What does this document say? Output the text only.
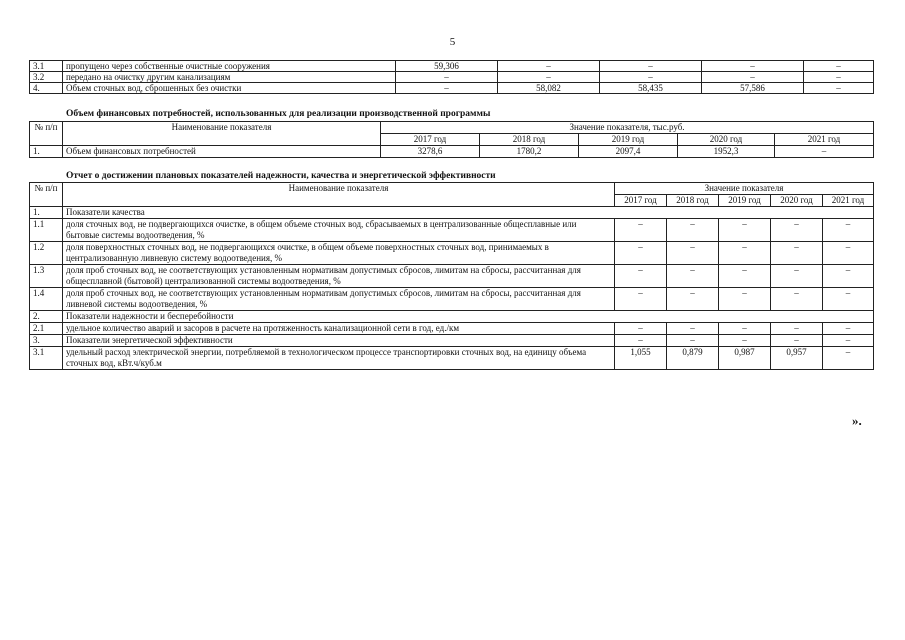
5
3.1	пропущено через собственные очистные сооружения	59,306	–	–	–	–
3.2	передано на очистку другим канализациям	–	–	–	–	–
4.	Объем сточных вод, сброшенных без очистки	–	58,082	58,435	57,586	–
Объем финансовых потребностей, использованных для реализации производственной программы
№ п/п	Наименование показателя	Значение показателя, тыс.руб.				
		2017 год	2018 год	2019 год	2020 год	2021 год
1.	Объем финансовых потребностей	3278,6	1780,2	2097,4	1952,3	–
Отчет о достижении плановых показателей надежности, качества и энергетической эффективности
№ п/п	Наименование показателя	Значение показателя				
		2017 год	2018 год	2019 год	2020 год	2021 год
1.	Показатели качества					
1.1	доля сточных вод, не подвергающихся очистке, в общем объеме сточных вод, сбрасываемых в централизованные общесплавные или бытовые системы водоотведения, %	–	–	–	–	–
1.2	доля поверхностных сточных вод, не подвергающихся очистке, в общем объеме поверхностных сточных вод, принимаемых в централизованную ливневую систему водоотведения, %	–	–	–	–	–
1.3	доля проб сточных вод, не соответствующих установленным нормативам допустимых сбросов, лимитам на сбросы, рассчитанная для общесплавной (бытовой) централизованной системы водоотведения, %	–	–	–	–	–
1.4	доля проб сточных вод, не соответствующих установленным нормативам допустимых сбросов, лимитам на сбросы, рассчитанная для ливневой системы водоотведения, %	–	–	–	–	–
2.	Показатели надежности и бесперебойности					
2.1	удельное количество аварий и засоров в расчете на протяженность канализационной сети в год, ед./км	–	–	–	–	–
3.	Показатели энергетической эффективности	–	–	–	–	–
3.1	удельный расход электрической энергии, потребляемой в технологическом процессе транспортировки сточных вод, на единицу объема сточных вод, кВт.ч/куб.м	1,055	0,879	0,987	0,957	–
».
